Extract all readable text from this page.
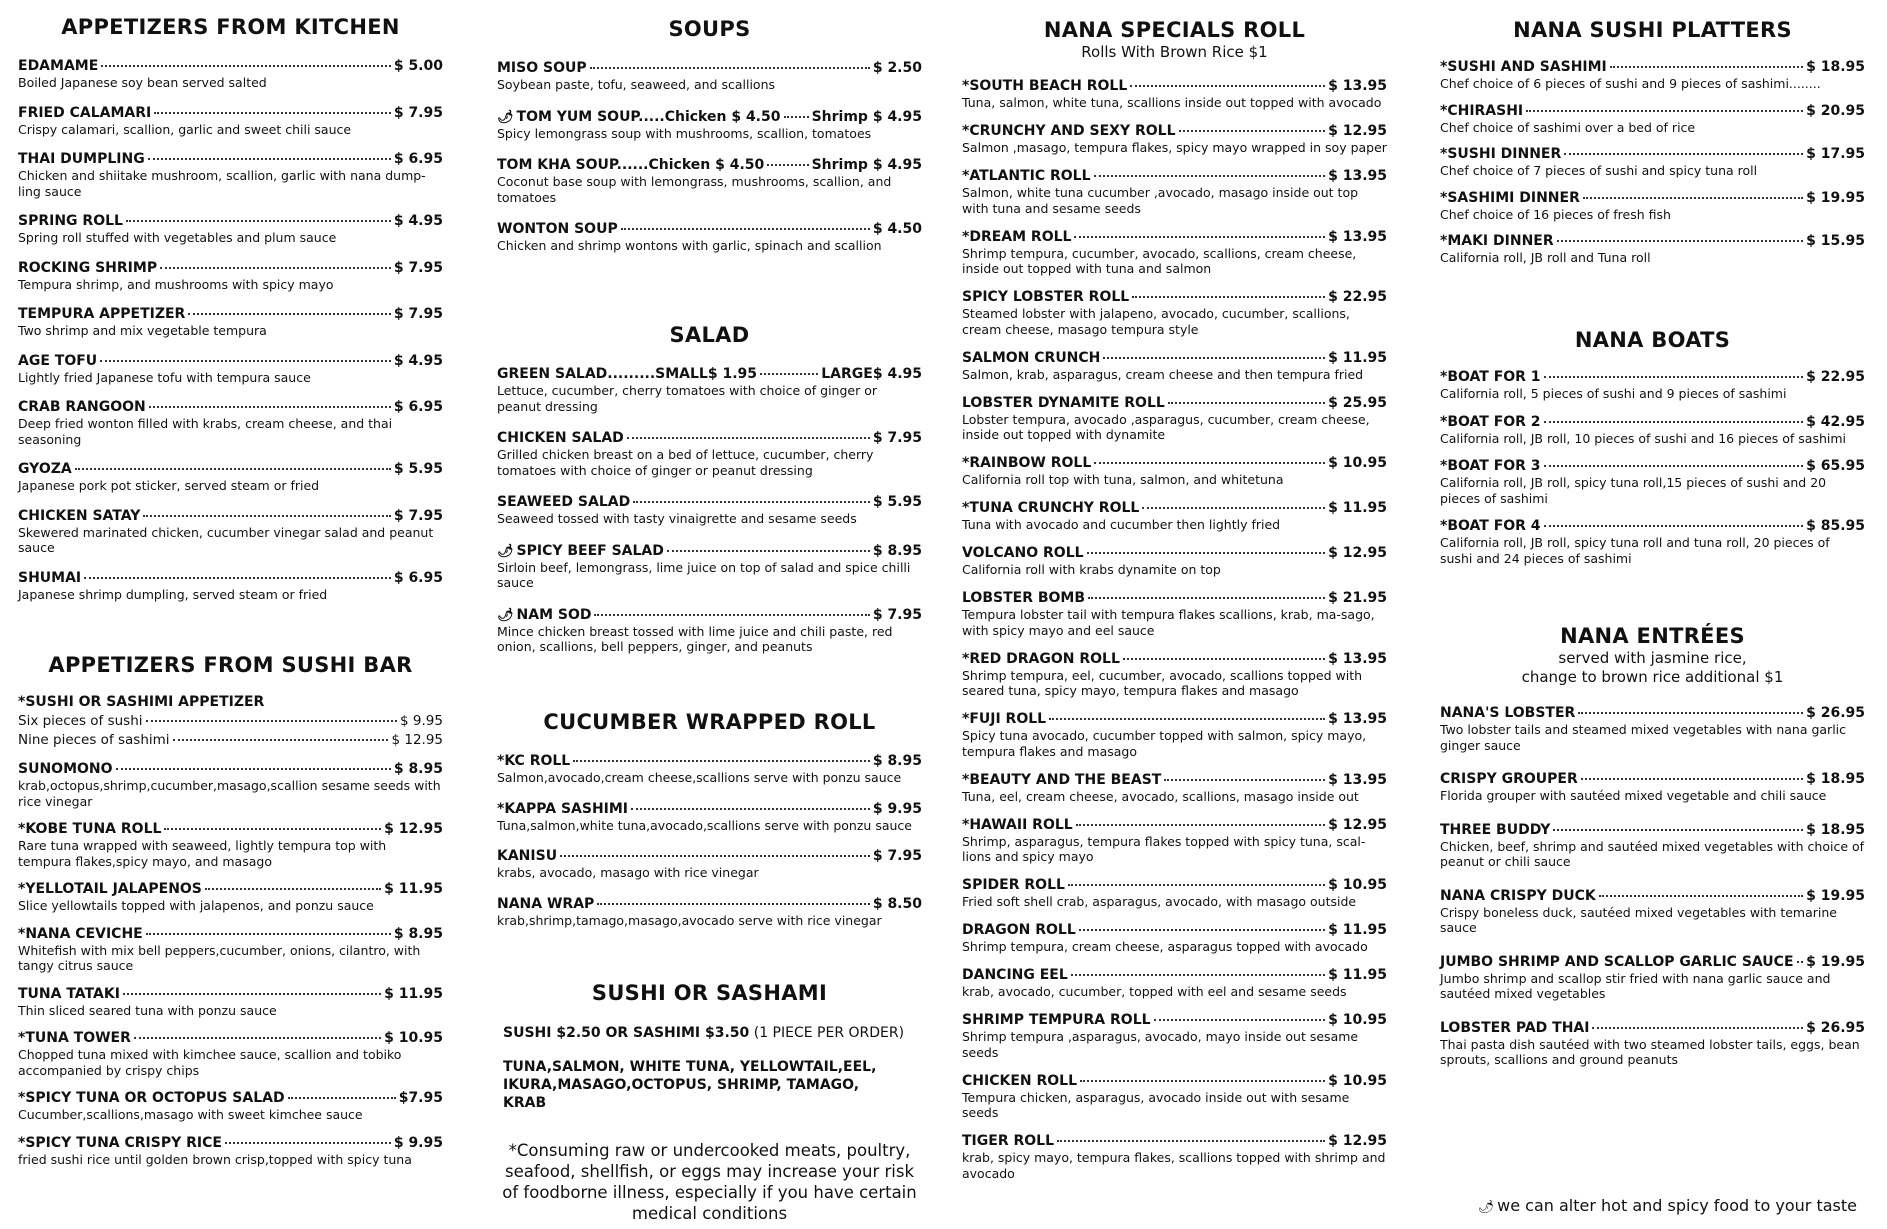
APPETIZERS FROM KITCHEN
EDAMAME	$ 5.00
Boiled Japanese soy bean served salted
FRIED CALAMARI	$ 7.95
Crispy calamari, scallion, garlic and sweet chili sauce
THAI DUMPLING	$ 6.95
Chicken and shiitake mushroom, scallion, garlic with nana dump-ling sauce
SPRING ROLL	$ 4.95
Spring roll stuffed with vegetables and plum sauce
ROCKING SHRIMP	$ 7.95
Tempura shrimp, and mushrooms with spicy mayo
TEMPURA APPETIZER	$ 7.95
Two shrimp and mix vegetable tempura
AGE TOFU	$ 4.95
Lightly fried Japanese tofu with tempura sauce
CRAB RANGOON	$ 6.95
Deep fried wonton filled with krabs, cream cheese, and thai seasoning
GYOZA	$ 5.95
Japanese pork pot sticker, served steam or fried
CHICKEN SATAY	$ 7.95
Skewered marinated chicken, cucumber vinegar salad and peanut sauce
SHUMAI	$ 6.95
Japanese shrimp dumpling, served steam or fried
APPETIZERS FROM SUSHI BAR
*SUSHI OR SASHIMI APPETIZER
Six pieces of sushi	$ 9.95
Nine pieces of sashimi	$ 12.95
SUNOMONO	$ 8.95
krab,octopus,shrimp,cucumber,masago,scallion sesame seeds with rice vinegar
*KOBE TUNA ROLL	$ 12.95
Rare tuna wrapped with seaweed, lightly tempura top with tempura flakes,spicy mayo, and masago
*YELLOTAIL JALAPENOS	$ 11.95
Slice yellowtails topped with jalapenos, and ponzu sauce
*NANA CEVICHE	$ 8.95
Whitefish with mix bell peppers,cucumber, onions, cilantro, with tangy citrus sauce
TUNA TATAKI	$ 11.95
Thin sliced seared tuna with ponzu sauce
*TUNA TOWER	$ 10.95
Chopped tuna mixed with kimchee sauce, scallion and tobiko accompanied by crispy chips
*SPICY TUNA OR OCTOPUS SALAD	$7.95
Cucumber,scallions,masago with sweet kimchee sauce
*SPICY TUNA CRISPY RICE	$ 9.95
fried sushi rice until golden brown crisp,topped with spicy tuna
SOUPS
MISO SOUP	$ 2.50
Soybean paste, tofu, seaweed, and scallions
🌶︎ TOM YUM SOUP.....Chicken $ 4.50 Shrimp $ 4.95
Spicy lemongrass soup with mushrooms, scallion, tomatoes
TOM KHA SOUP......Chicken $ 4.50	Shrimp $ 4.95
Coconut base soup with lemongrass, mushrooms, scallion, and tomatoes
WONTON SOUP	$ 4.50
Chicken and shrimp wontons with garlic, spinach and scallion
SALAD
GREEN SALAD.........SMALL$ 1.95	LARGE$ 4.95
Lettuce, cucumber, cherry tomatoes with choice of ginger or peanut dressing
CHICKEN SALAD	$ 7.95
Grilled chicken breast on a bed of lettuce, cucumber, cherry tomatoes with choice of ginger or peanut dressing
SEAWEED SALAD	$ 5.95
Seaweed tossed with tasty vinaigrette and sesame seeds
🌶︎ SPICY BEEF SALAD	$ 8.95
Sirloin beef, lemongrass, lime juice on top of salad and spice chilli sauce
🌶︎ NAM SOD	$ 7.95
Mince chicken breast tossed with lime juice and chili paste, red onion, scallions, bell peppers, ginger, and peanuts
CUCUMBER WRAPPED ROLL
*KC ROLL	$ 8.95
Salmon,avocado,cream cheese,scallions serve with ponzu sauce
*KAPPA SASHIMI	$ 9.95
Tuna,salmon,white tuna,avocado,scallions serve with ponzu sauce
KANISU	$ 7.95
krabs, avocado, masago with rice vinegar
NANA WRAP	$ 8.50
krab,shrimp,tamago,masago,avocado serve with rice vinegar
SUSHI OR SASHAMI
SUSHI $2.50 OR SASHIMI $3.50 (1 PIECE PER ORDER)
TUNA,SALMON, WHITE TUNA, YELLOWTAIL,EEL, IKURA,MASAGO,OCTOPUS, SHRIMP, TAMAGO, KRAB
*Consuming raw or undercooked meats, poultry, seafood, shellfish, or eggs may increase your risk of foodborne illness, especially if you have certain medical conditions
NANA SPECIALS ROLL

Rolls With Brown Rice $1

*SOUTH BEACH ROLL	$ 13.95
Tuna, salmon, white tuna, scallions inside out topped with avocado
*CRUNCHY AND SEXY ROLL	$ 12.95
Salmon ,masago, tempura flakes, spicy mayo wrapped in soy paper
*ATLANTIC ROLL	$ 13.95
Salmon, white tuna cucumber ,avocado, masago inside out top with tuna and sesame seeds
*DREAM ROLL	$ 13.95
Shrimp tempura, cucumber, avocado, scallions, cream cheese, inside out topped with tuna and salmon
SPICY LOBSTER ROLL	$ 22.95
Steamed lobster with jalapeno, avocado, cucumber, scallions, cream cheese, masago tempura style
SALMON CRUNCH	$ 11.95
Salmon, krab, asparagus, cream cheese and then tempura fried
LOBSTER DYNAMITE ROLL	$ 25.95
Lobster tempura, avocado ,asparagus, cucumber, cream cheese, inside out topped with dynamite
*RAINBOW ROLL	$ 10.95
California roll top with tuna, salmon, and whitetuna
*TUNA CRUNCHY ROLL	$ 11.95
Tuna with avocado and cucumber then lightly fried
VOLCANO ROLL	$ 12.95
California roll with krabs dynamite on top
LOBSTER BOMB	$ 21.95
Tempura lobster tail with tempura flakes scallions, krab, ma-sago, with spicy mayo and eel sauce
*RED DRAGON ROLL	$ 13.95
Shrimp tempura, eel, cucumber, avocado, scallions topped with seared tuna, spicy mayo, tempura flakes and masago
*FUJI ROLL	$ 13.95
Spicy tuna avocado, cucumber topped with salmon, spicy mayo, tempura flakes and masago
*BEAUTY AND THE BEAST	$ 13.95
Tuna, eel, cream cheese, avocado, scallions, masago inside out
*HAWAII ROLL	$ 12.95
Shrimp, asparagus, tempura flakes topped with spicy tuna, scal-lions and spicy mayo
SPIDER ROLL	$ 10.95
Fried soft shell crab, asparagus, avocado, with masago outside
DRAGON ROLL	$ 11.95
Shrimp tempura, cream cheese, asparagus topped with avocado
DANCING EEL	$ 11.95
krab, avocado, cucumber, topped with eel and sesame seeds
SHRIMP TEMPURA ROLL	$ 10.95
Shrimp tempura ,asparagus, avocado, mayo inside out sesame seeds
CHICKEN ROLL	$ 10.95
Tempura chicken, asparagus, avocado inside out with sesame seeds
TIGER ROLL	$ 12.95
krab, spicy mayo, tempura flakes, scallions topped with shrimp and avocado
NANA SUSHI PLATTERS
*SUSHI AND SASHIMI	$ 18.95
Chef choice of 6 pieces of sushi and 9 pieces of sashimi........
*CHIRASHI	$ 20.95
Chef choice of sashimi over a bed of rice
*SUSHI DINNER	$ 17.95
Chef choice of 7 pieces of sushi and spicy tuna roll
*SASHIMI DINNER	$ 19.95
Chef choice of 16 pieces of fresh fish
*MAKI DINNER	$ 15.95
California roll, JB roll and Tuna roll
NANA BOATS
*BOAT FOR 1	$ 22.95
California roll, 5 pieces of sushi and 9 pieces of sashimi
*BOAT FOR 2	$ 42.95
California roll, JB roll, 10 pieces of sushi and 16 pieces of sashimi
*BOAT FOR 3	$ 65.95
California roll, JB roll, spicy tuna roll,15 pieces of sushi and 20 pieces of sashimi
*BOAT FOR 4	$ 85.95
California roll, JB roll, spicy tuna roll and tuna roll, 20 pieces of sushi and 24 pieces of sashimi
NANA ENTRÉES

served with jasmine rice,

change to brown rice additional $1

NANA'S LOBSTER	$ 26.95
Two lobster tails and steamed mixed vegetables with nana garlic ginger sauce
CRISPY GROUPER	$ 18.95
Florida grouper with sautéed mixed vegetable and chili sauce
THREE BUDDY	$ 18.95
Chicken, beef, shrimp and sautéed mixed vegetables with choice of peanut or chili sauce
NANA CRISPY DUCK	$ 19.95
Crispy boneless duck, sautéed mixed vegetables with temarine sauce
JUMBO SHRIMP AND SCALLOP GARLIC SAUCE $ 19.95
Jumbo shrimp and scallop stir fried with nana garlic sauce and sautéed mixed vegetables
LOBSTER PAD THAI	$ 26.95
Thai pasta dish sautéed with two steamed lobster tails, eggs, bean sprouts, scallions and ground peanuts
🌶︎ we can alter hot and spicy food to your taste
